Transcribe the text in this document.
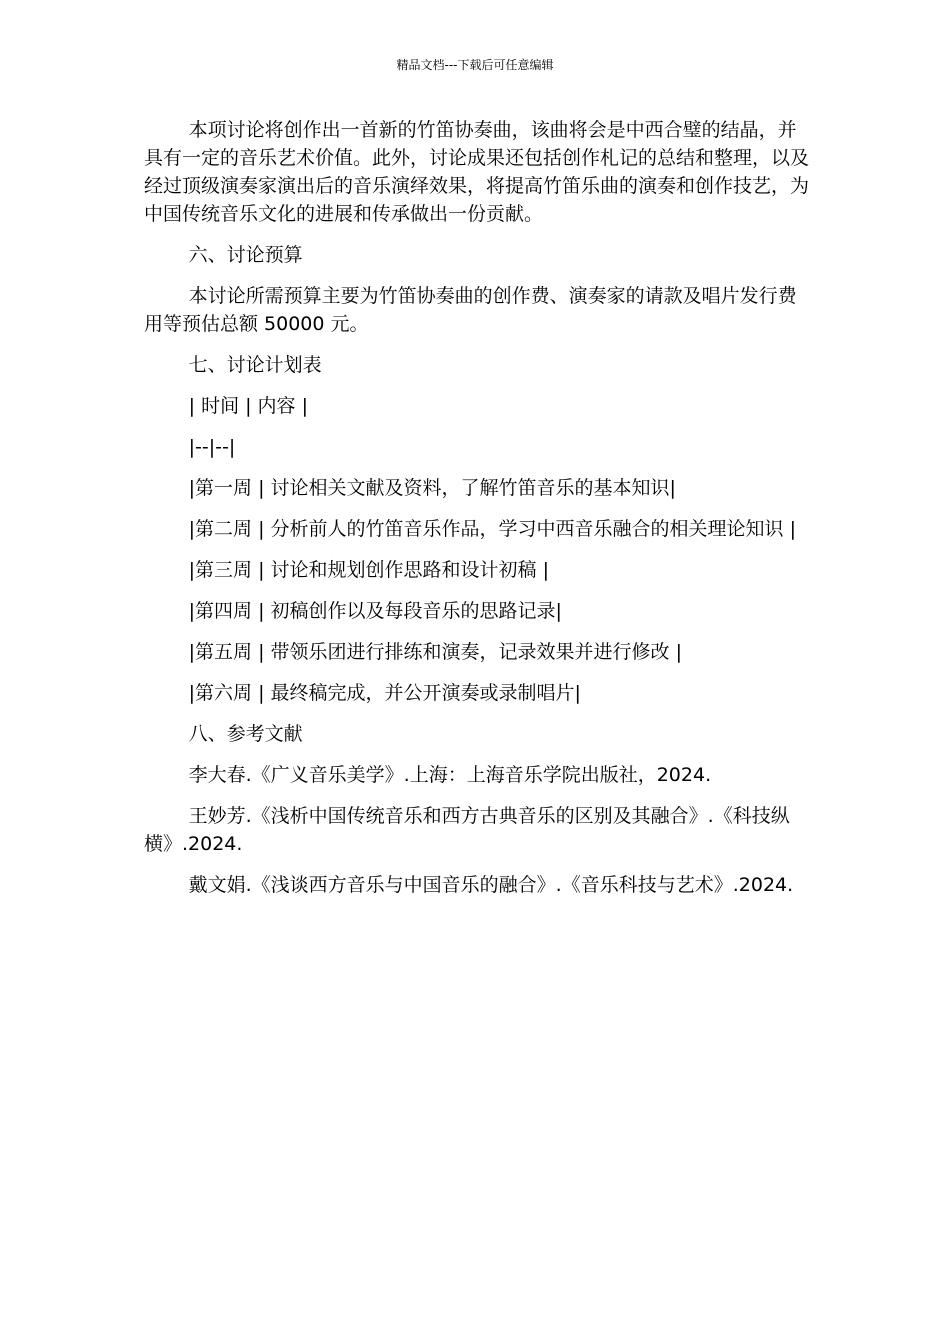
精品文档---下载后可任意编辑

本项讨论将创作出一首新的竹笛协奏曲，该曲将会是中西合璧的结晶，并具有一定的音乐艺术价值。此外，讨论成果还包括创作札记的总结和整理，以及经过顶级演奏家演出后的音乐演绎效果，将提高竹笛乐曲的演奏和创作技艺，为中国传统音乐文化的进展和传承做出一份贡献。

六、讨论预算

本讨论所需预算主要为竹笛协奏曲的创作费、演奏家的请款及唱片发行费用等预估总额 50000 元。

七、讨论计划表

| 时间 | 内容 |

|--|--|

|第一周 | 讨论相关文献及资料，了解竹笛音乐的基本知识|

|第二周 | 分析前人的竹笛音乐作品，学习中西音乐融合的相关理论知识 |

|第三周 | 讨论和规划创作思路和设计初稿 |

|第四周 | 初稿创作以及每段音乐的思路记录|

|第五周 | 带领乐团进行排练和演奏，记录效果并进行修改 |

|第六周 | 最终稿完成，并公开演奏或录制唱片|

八、参考文献

李大春.《广义音乐美学》.上海：上海音乐学院出版社，2024.

王妙芳.《浅析中国传统音乐和西方古典音乐的区别及其融合》.《科技纵横》.2024.

戴文娟.《浅谈西方音乐与中国音乐的融合》.《音乐科技与艺术》.2024.
